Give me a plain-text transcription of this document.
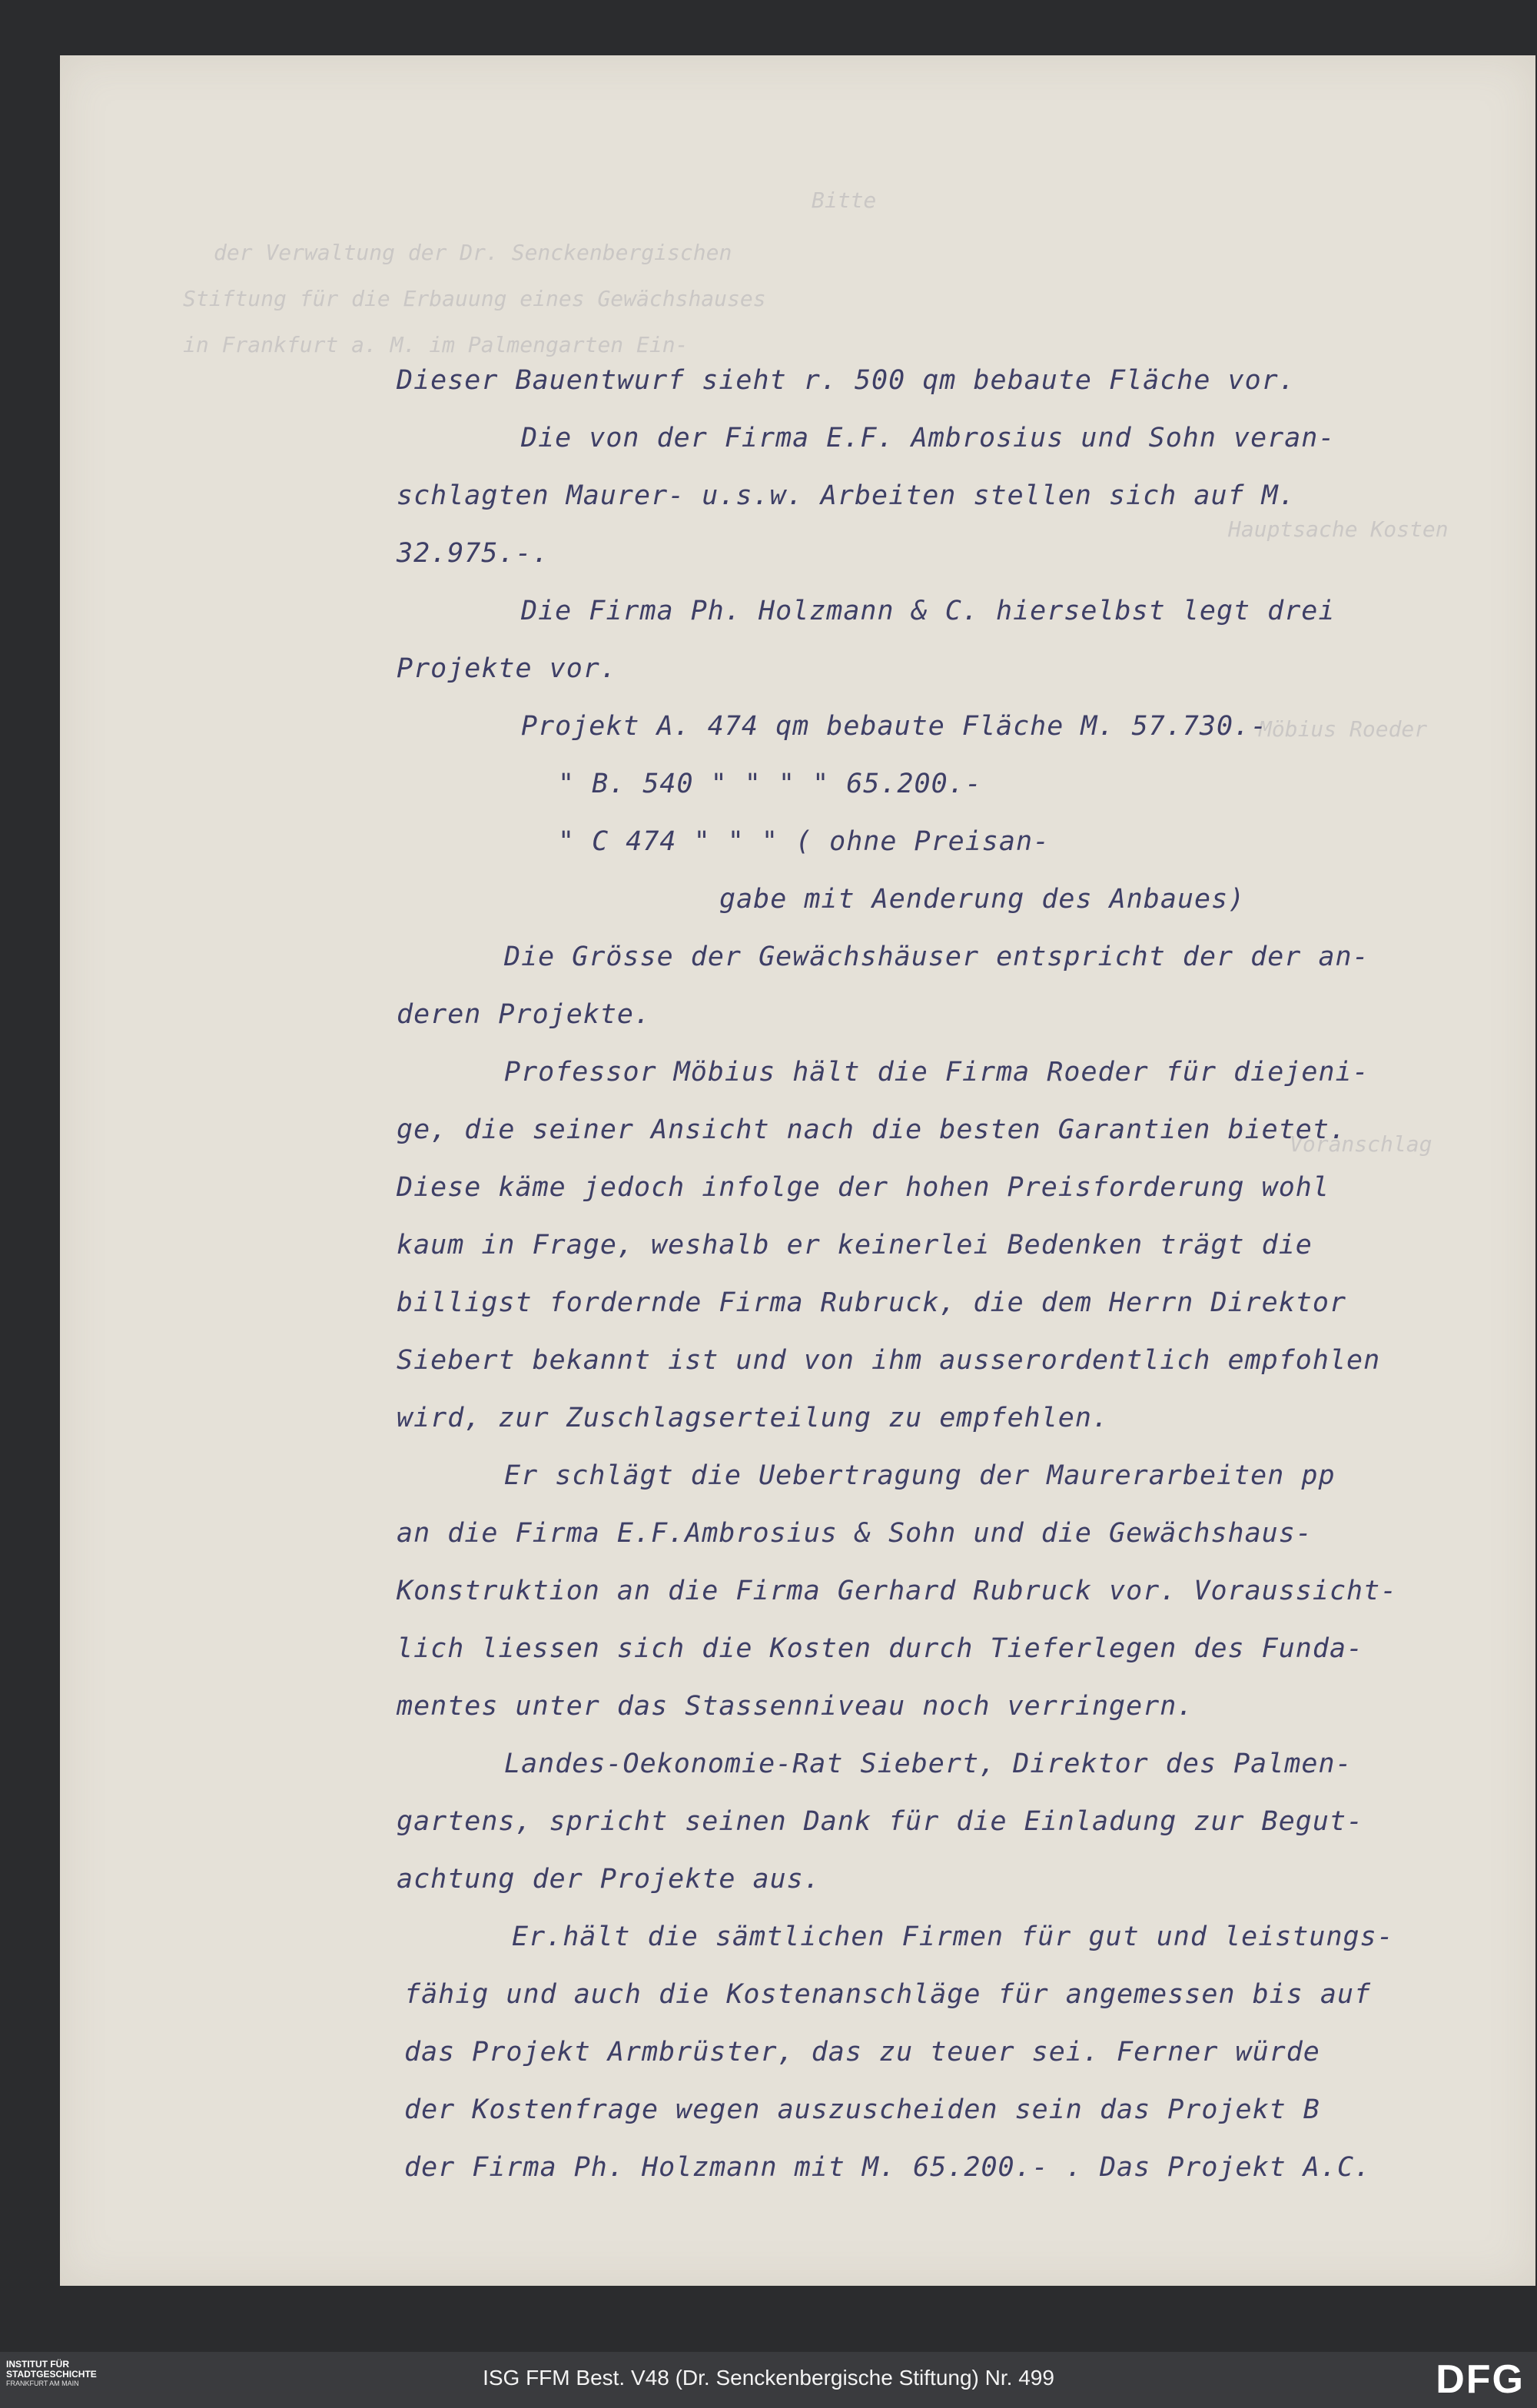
Bitte
der Verwaltung der Dr. Senckenbergischen
Stiftung für die Erbauung eines Gewächshauses
in Frankfurt a. M. im Palmengarten Ein-
Hauptsache Kosten
Möbius Roeder
Voranschlag
Dieser Bauentwurf sieht r. 500 qm bebaute Fläche vor.
Die von der Firma E.F. Ambrosius und Sohn veran-
schlagten Maurer- u.s.w. Arbeiten stellen sich auf M.
32.975.-.
Die Firma Ph. Holzmann & C. hierselbst legt drei
Projekte vor.
Projekt A. 474 qm bebaute Fläche M. 57.730.-
" B. 540 " " " " 65.200.-
" C 474 " " " ( ohne Preisan-
gabe mit Aenderung des Anbaues)
Die Grösse der Gewächshäuser entspricht der der an-
deren Projekte.
Professor Möbius hält die Firma Roeder für diejeni-
ge, die seiner Ansicht nach die besten Garantien bietet.
Diese käme jedoch infolge der hohen Preisforderung wohl
kaum in Frage, weshalb er keinerlei Bedenken trägt die
billigst fordernde Firma Rubruck, die dem Herrn Direktor
Siebert bekannt ist und von ihm ausserordentlich empfohlen
wird, zur Zuschlagserteilung zu empfehlen.
Er schlägt die Uebertragung der Maurerarbeiten pp
an die Firma E.F.Ambrosius & Sohn und die Gewächshaus-
Konstruktion an die Firma Gerhard Rubruck vor. Voraussicht-
lich liessen sich die Kosten durch Tieferlegen des Funda-
mentes unter das Stassenniveau noch verringern.
Landes-Oekonomie-Rat Siebert, Direktor des Palmen-
gartens, spricht seinen Dank für die Einladung zur Begut-
achtung der Projekte aus.
Er.hält die sämtlichen Firmen für gut und leistungs-
fähig und auch die Kostenanschläge für angemessen bis auf
das Projekt Armbrüster, das zu teuer sei. Ferner würde
der Kostenfrage wegen auszuscheiden sein das Projekt B
der Firma Ph. Holzmann mit M. 65.200.- . Das Projekt A.C.
INSTITUT FÜR
STADTGESCHICHTE
FRANKFURT AM MAIN	ISG FFM Best. V48 (Dr. Senckenbergische Stiftung) Nr. 499	DFG
